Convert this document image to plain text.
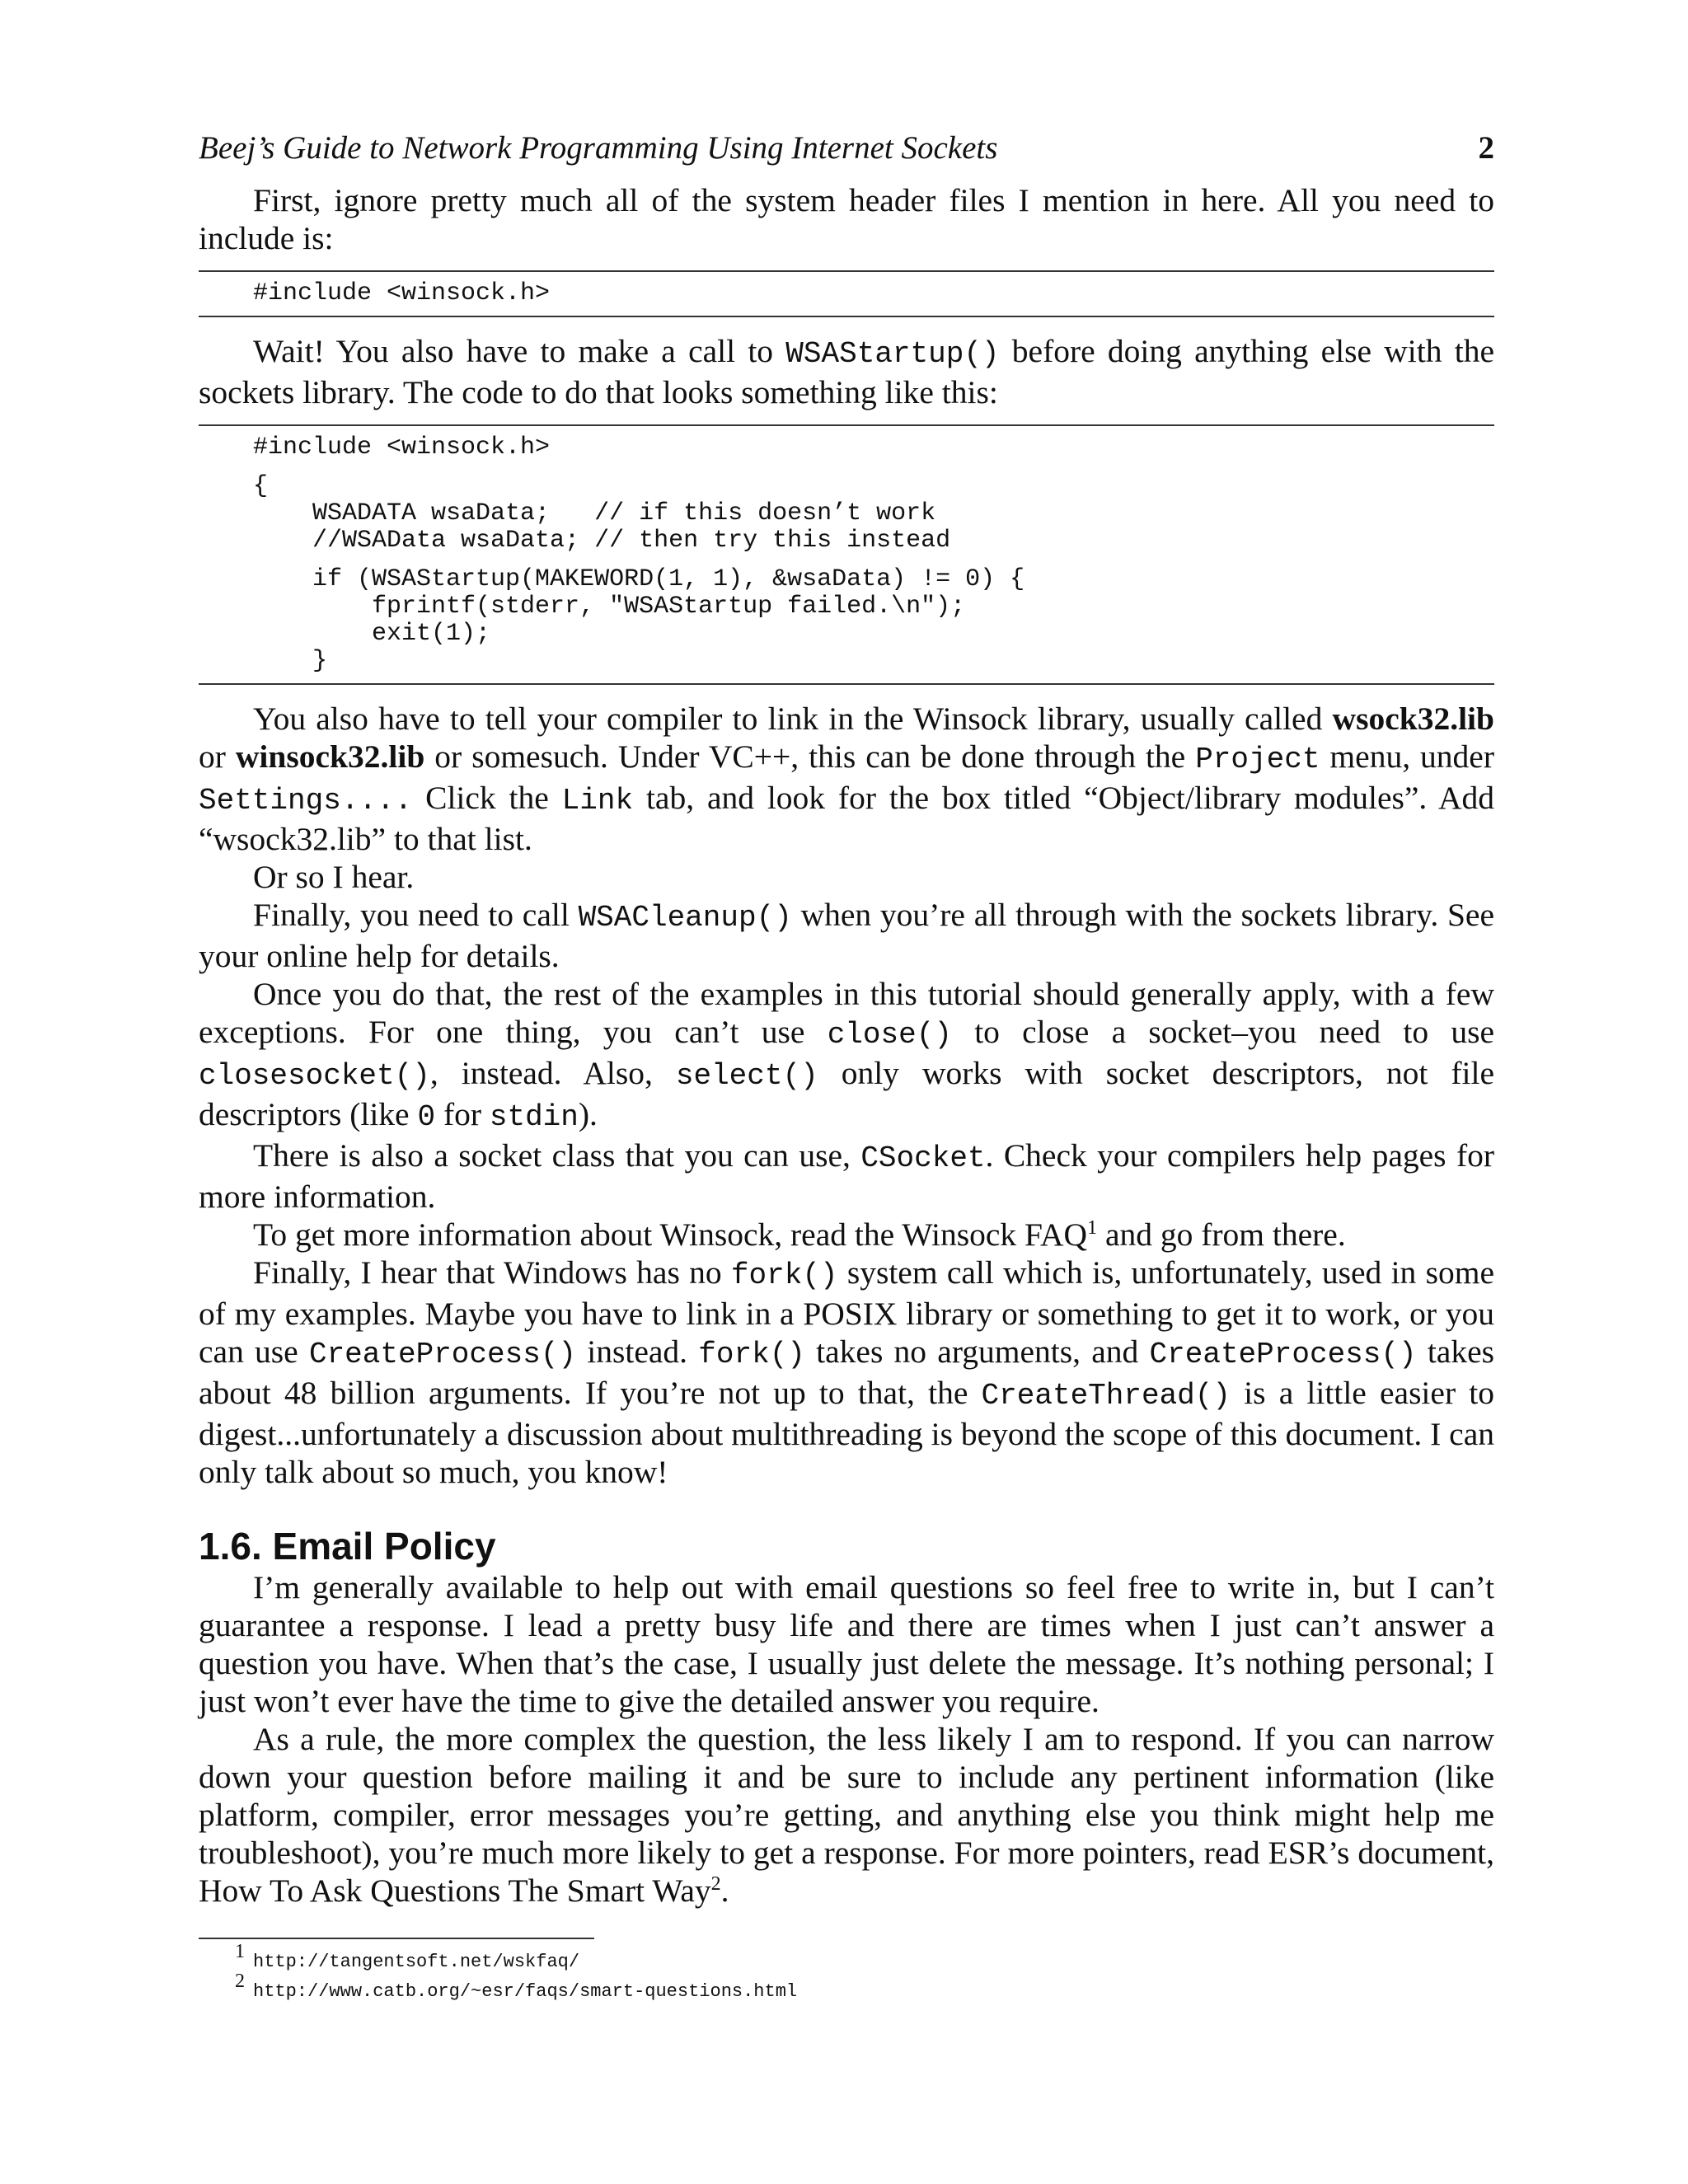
Beej’s Guide to Network Programming Using Internet Sockets	2

First, ignore pretty much all of the system header files I mention in here. All you need to include is:

#include <winsock.h>

Wait! You also have to make a call to WSAStartup() before doing anything else with the sockets library. The code to do that looks something like this:

#include <winsock.h>
{
WSADATA wsaData;   // if this doesn’t work
//WSAData wsaData; // then try this instead
if (WSAStartup(MAKEWORD(1, 1), &wsaData) != 0) {
fprintf(stderr, "WSAStartup failed.\n");
exit(1);
}

You also have to tell your compiler to link in the Winsock library, usually called wsock32.lib or winsock32.lib or somesuch. Under VC++, this can be done through the Project menu, under Settings.... Click the Link tab, and look for the box titled “Object/library modules”. Add “wsock32.lib” to that list.

Or so I hear.

Finally, you need to call WSACleanup() when you’re all through with the sockets library. See your online help for details.

Once you do that, the rest of the examples in this tutorial should generally apply, with a few exceptions. For one thing, you can’t use close() to close a socket–you need to use closesocket(), instead. Also, select() only works with socket descriptors, not file descriptors (like 0 for stdin).

There is also a socket class that you can use, CSocket. Check your compilers help pages for more information.

To get more information about Winsock, read the Winsock FAQ$^1$ and go from there.

Finally, I hear that Windows has no fork() system call which is, unfortunately, used in some of my examples. Maybe you have to link in a POSIX library or something to get it to work, or you can use CreateProcess() instead. fork() takes no arguments, and CreateProcess() takes about 48 billion arguments. If you’re not up to that, the CreateThread() is a little easier to digest...unfortunately a discussion about multithreading is beyond the scope of this document. I can only talk about so much, you know!

1.6. Email Policy

I’m generally available to help out with email questions so feel free to write in, but I can’t guarantee a response. I lead a pretty busy life and there are times when I just can’t answer a question you have. When that’s the case, I usually just delete the message. It’s nothing personal; I just won’t ever have the time to give the detailed answer you require.

As a rule, the more complex the question, the less likely I am to respond. If you can narrow down your question before mailing it and be sure to include any pertinent information (like platform, compiler, error messages you’re getting, and anything else you think might help me troubleshoot), you’re much more likely to get a response. For more pointers, read ESR’s document, How To Ask Questions The Smart Way$^2$.

1 http://tangentsoft.net/wskfaq/
2 http://www.catb.org/~esr/faqs/smart-questions.html
